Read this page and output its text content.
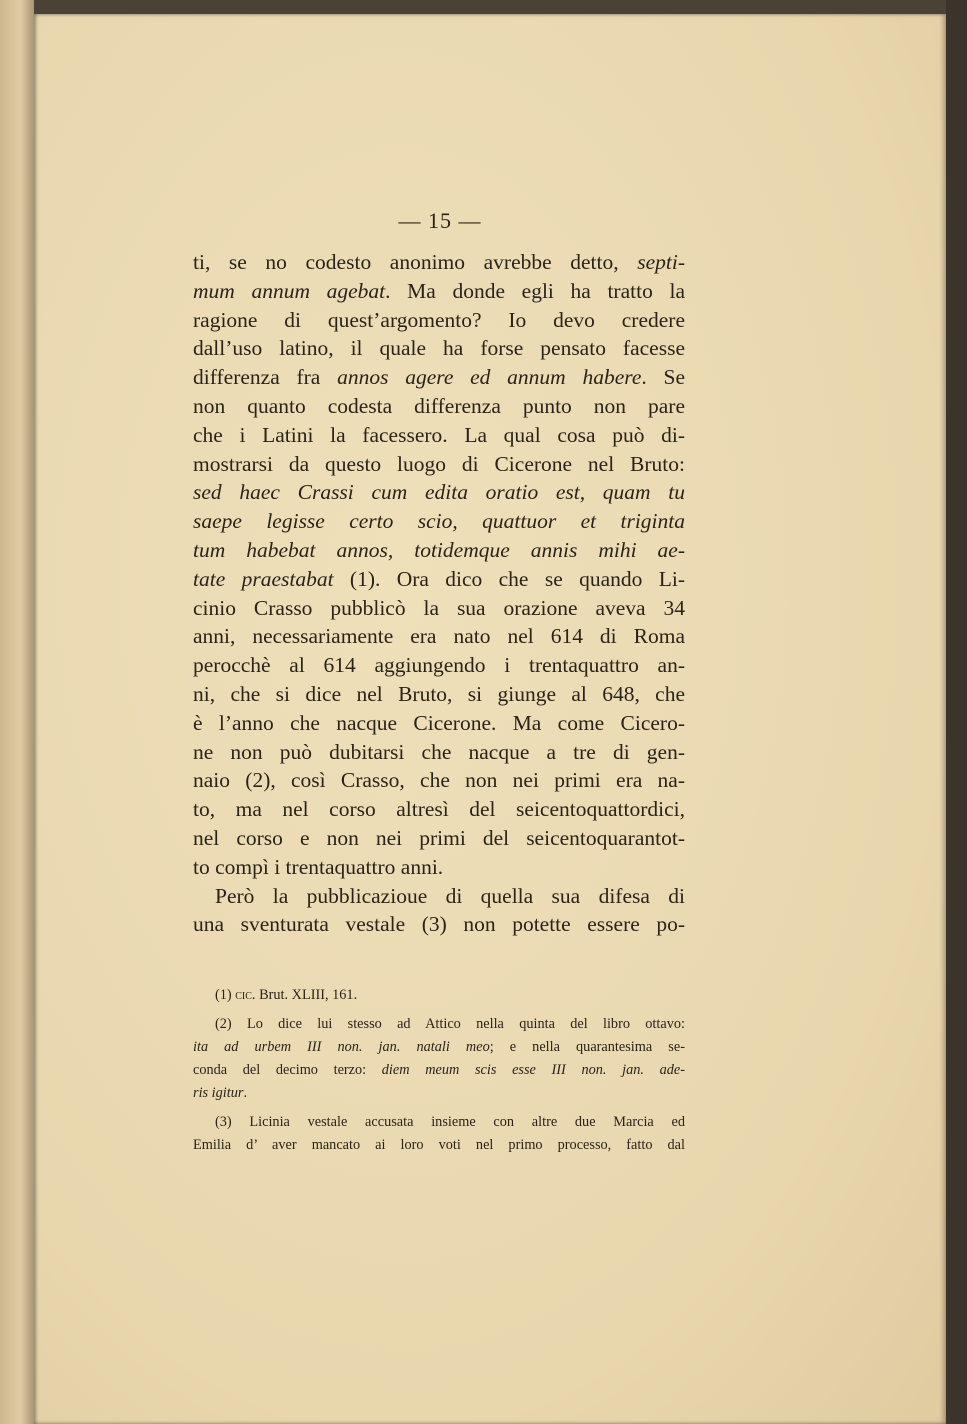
— 15 —
ti, se no codesto anonimo avrebbe detto, septi-
mum annum agebat. Ma donde egli ha tratto la
ragione di quest’argomento? Io devo credere
dall’uso latino, il quale ha forse pensato facesse
differenza fra annos agere ed annum habere. Se
non quanto codesta differenza punto non pare
che i Latini la facessero. La qual cosa può di-
mostrarsi da questo luogo di Cicerone nel Bruto:
sed haec Crassi cum edita oratio est, quam tu
saepe legisse certo scio, quattuor et triginta
tum habebat annos, totidemque annis mihi ae-
tate praestabat (1). Ora dico che se quando Li-
cinio Crasso pubblicò la sua orazione aveva 34
anni, necessariamente era nato nel 614 di Roma
perocchè al 614 aggiungendo i trentaquattro an-
ni, che si dice nel Bruto, si giunge al 648, che
è l’anno che nacque Cicerone. Ma come Cicero-
ne non può dubitarsi che nacque a tre di gen-
naio (2), così Crasso, che non nei primi era na-
to, ma nel corso altresì del seicentoquattordici,
nel corso e non nei primi del seicentoquarantot-
to compì i trentaquattro anni.
Però la pubblicazioue di quella sua difesa di
una sventurata vestale (3) non potette essere po-
(1) cic. Brut. XLIII, 161.
(2) Lo dice lui stesso ad Attico nella quinta del libro ottavo:
ita ad urbem III non. jan. natali meo; e nella quarantesima se-
conda del decimo terzo: diem meum scis esse III non. jan. ade-
ris igitur.
(3) Licinia vestale accusata insieme con altre due Marcia ed
Emilia d’ aver mancato ai loro voti nel primo processo, fatto dal
